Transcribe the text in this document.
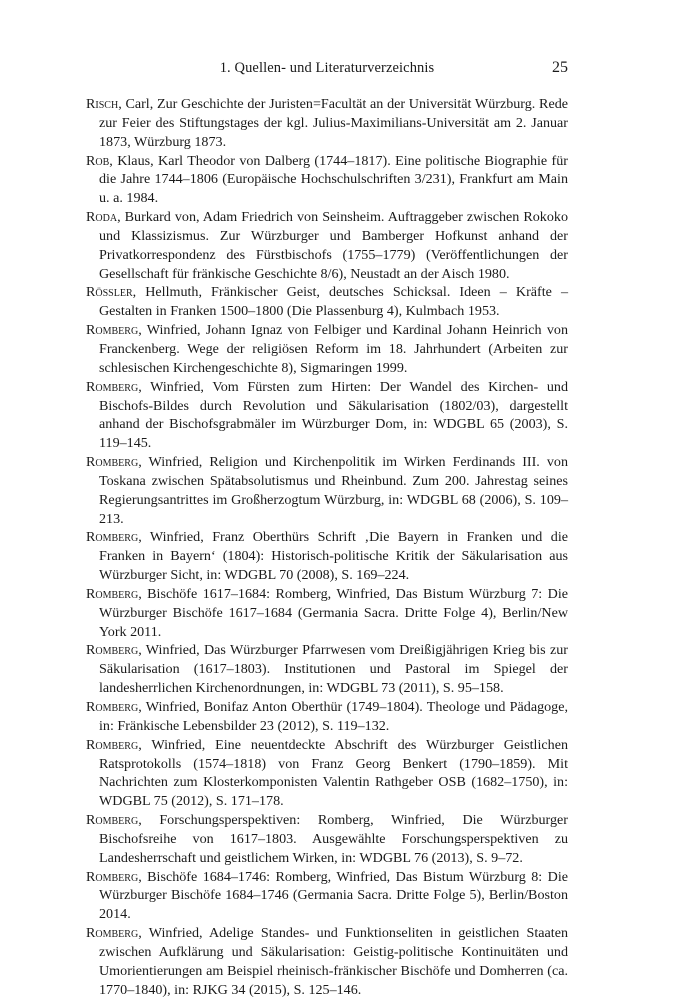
1. Quellen- und Literaturverzeichnis	25

Risch, Carl, Zur Geschichte der Juristen=Facultät an der Universität Würzburg. Rede zur Feier des Stiftungstages der kgl. Julius-Maximilians-Universität am 2. Januar 1873, Würzburg 1873.

Rob, Klaus, Karl Theodor von Dalberg (1744–1817). Eine politische Biographie für die Jahre 1744–1806 (Europäische Hochschulschriften 3/231), Frankfurt am Main u. a. 1984.

Roda, Burkard von, Adam Friedrich von Seinsheim. Auftraggeber zwischen Rokoko und Klassizismus. Zur Würzburger und Bamberger Hofkunst anhand der Privatkorrespondenz des Fürstbischofs (1755–1779) (Veröffentlichungen der Gesellschaft für fränkische Geschichte 8/6), Neustadt an der Aisch 1980.

Rössler, Hellmuth, Fränkischer Geist, deutsches Schicksal. Ideen – Kräfte – Gestalten in Franken 1500–1800 (Die Plassenburg 4), Kulmbach 1953.

Romberg, Winfried, Johann Ignaz von Felbiger und Kardinal Johann Heinrich von Franckenberg. Wege der religiösen Reform im 18. Jahrhundert (Arbeiten zur schlesischen Kirchengeschichte 8), Sigmaringen 1999.

Romberg, Winfried, Vom Fürsten zum Hirten: Der Wandel des Kirchen- und Bischofs-Bildes durch Revolution und Säkularisation (1802/03), dargestellt anhand der Bischofsgrabmäler im Würzburger Dom, in: WDGBL 65 (2003), S. 119–145.

Romberg, Winfried, Religion und Kirchenpolitik im Wirken Ferdinands III. von Toskana zwischen Spätabsolutismus und Rheinbund. Zum 200. Jahrestag seines Regierungsantrittes im Großherzogtum Würzburg, in: WDGBL 68 (2006), S. 109–213.

Romberg, Winfried, Franz Oberthürs Schrift ‚Die Bayern in Franken und die Franken in Bayern‘ (1804): Historisch-politische Kritik der Säkularisation aus Würzburger Sicht, in: WDGBL 70 (2008), S. 169–224.

Romberg, Bischöfe 1617–1684: Romberg, Winfried, Das Bistum Würzburg 7: Die Würzburger Bischöfe 1617–1684 (Germania Sacra. Dritte Folge 4), Berlin/New York 2011.

Romberg, Winfried, Das Würzburger Pfarrwesen vom Dreißigjährigen Krieg bis zur Säkularisation (1617–1803). Institutionen und Pastoral im Spiegel der landesherrlichen Kirchenordnungen, in: WDGBL 73 (2011), S. 95–158.

Romberg, Winfried, Bonifaz Anton Oberthür (1749–1804). Theologe und Pädagoge, in: Fränkische Lebensbilder 23 (2012), S. 119–132.

Romberg, Winfried, Eine neuentdeckte Abschrift des Würzburger Geistlichen Ratsprotokolls (1574–1818) von Franz Georg Benkert (1790–1859). Mit Nachrichten zum Klosterkomponisten Valentin Rathgeber OSB (1682–1750), in: WDGBL 75 (2012), S. 171–178.

Romberg, Forschungsperspektiven: Romberg, Winfried, Die Würzburger Bischofsreihe von 1617–1803. Ausgewählte Forschungsperspektiven zu Landesherrschaft und geistlichem Wirken, in: WDGBL 76 (2013), S. 9–72.

Romberg, Bischöfe 1684–1746: Romberg, Winfried, Das Bistum Würzburg 8: Die Würzburger Bischöfe 1684–1746 (Germania Sacra. Dritte Folge 5), Berlin/Boston 2014.

Romberg, Winfried, Adelige Standes- und Funktionseliten in geistlichen Staaten zwischen Aufklärung und Säkularisation: Geistig-politische Kontinuitäten und Umorientierungen am Beispiel rheinisch-fränkischer Bischöfe und Domherren (ca. 1770–1840), in: RJKG 34 (2015), S. 125–146.
